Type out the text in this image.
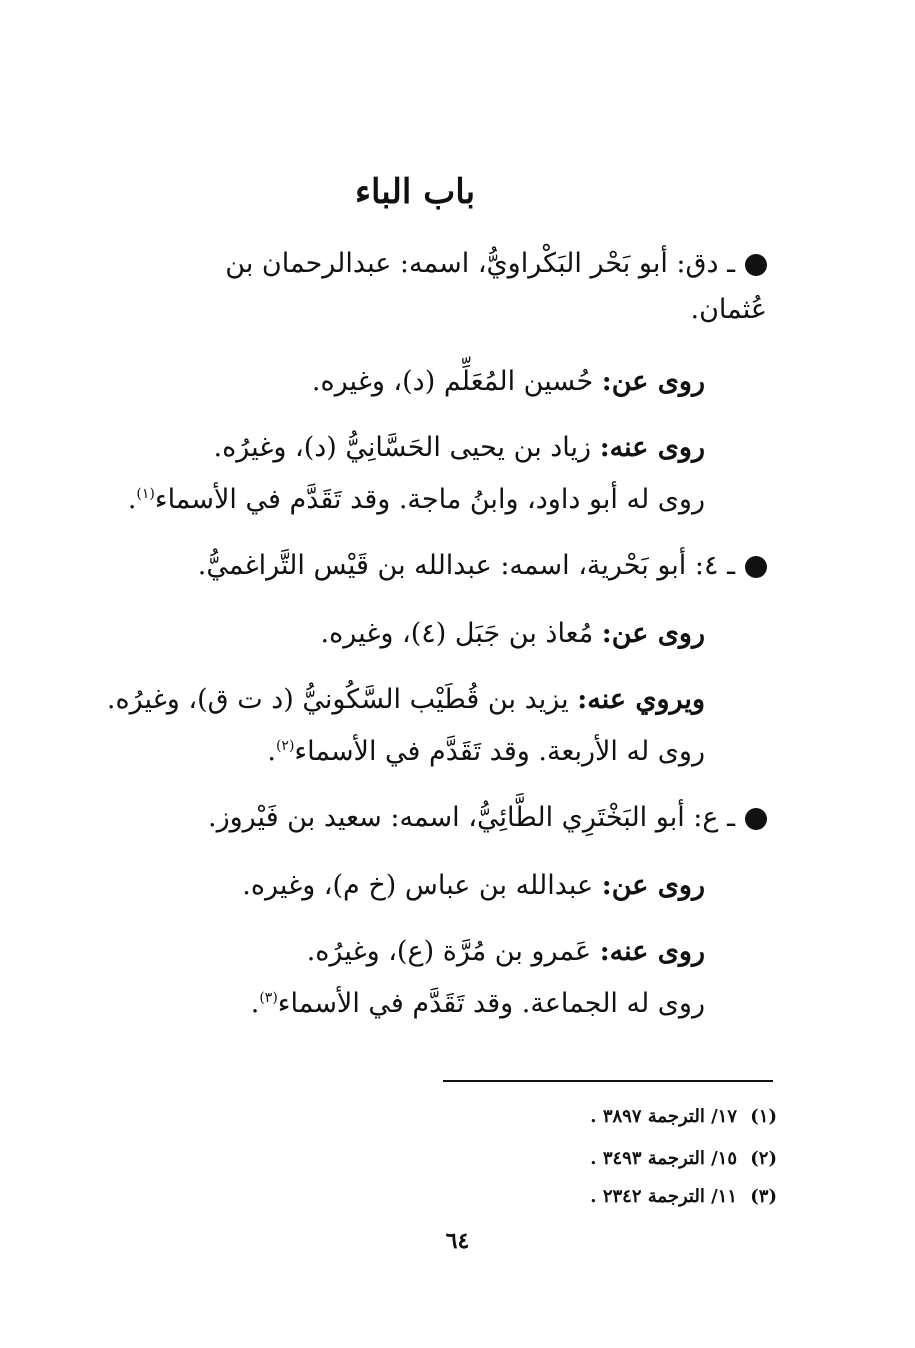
باب الباء
ـ دق: أبو بَحْر البَكْراويُّ، اسمه: عبدالرحمان بن
عُثمان.
روى عن: حُسين المُعَلِّم (د)، وغيره.
روى عنه: زياد بن يحيى الحَسَّانِيُّ (د)، وغيرُه.
روى له أبو داود، وابنُ ماجة. وقد تَقَدَّم في الأسماء$^{(١)}$.
ـ ٤: أبو بَحْرية، اسمه: عبدالله بن قَيْس التَّراغميُّ.
روى عن: مُعاذ بن جَبَل (٤)، وغيره.
ويروي عنه: يزيد بن قُطَيْب السَّكُونيُّ (د ت ق)، وغيرُه.
روى له الأربعة. وقد تَقَدَّم في الأسماء$^{(٢)}$.
ـ ع: أبو البَخْتَرِي الطَّائِيُّ، اسمه: سعيد بن فَيْروز.
روى عن: عبدالله بن عباس (خ م)، وغيره.
روى عنه: عَمرو بن مُرَّة (ع)، وغيرُه.
روى له الجماعة. وقد تَقَدَّم في الأسماء$^{(٣)}$.
(١)١٧/ الترجمة ٣٨٩٧ .
(٢)١٥/ الترجمة ٣٤٩٣ .
(٣)١١/ الترجمة ٢٣٤٢ .
٦٤
